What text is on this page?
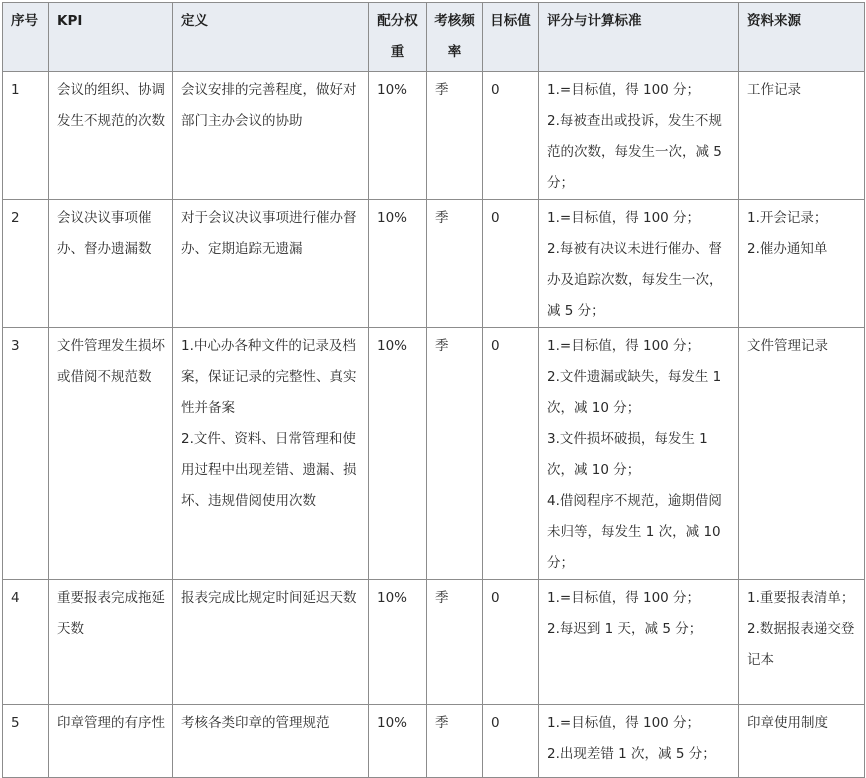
序号	KPI	定义	配分权重	考核频率	目标值	评分与计算标准	资料来源
1	会议的组织、协调发生不规范的次数	会议安排的完善程度，做好对部门主办会议的协助	10%	季	0	1.=目标值，得 100 分；
2.每被查出或投诉，发生不规范的次数，每发生一次，减 5 分；	工作记录

2	会议决议事项催办、督办遗漏数	对于会议决议事项进行催办督办、定期追踪无遗漏	10%	季	0	1.=目标值，得 100 分；
2.每被有决议未进行催办、督办及追踪次数，每发生一次，减 5 分；	1.开会记录；
2.催办通知单

3	文件管理发生损坏或借阅不规范数	1.中心办各种文件的记录及档案，保证记录的完整性、真实性并备案
2.文件、资料、日常管理和使用过程中出现差错、遗漏、损坏、违规借阅使用次数	10%	季	0	1.=目标值，得 100 分；
2.文件遗漏或缺失，每发生 1 次，减 10 分；
3.文件损坏破损，每发生 1 次，减 10 分；
4.借阅程序不规范，逾期借阅未归等，每发生 1 次，减 10 分；	文件管理记录

4	重要报表完成拖延天数	报表完成比规定时间延迟天数	10%	季	0	1.=目标值，得 100 分；
2.每迟到 1 天，减 5 分；	1.重要报表清单；
2.数据报表递交登记本

5	印章管理的有序性	考核各类印章的管理规范	10%	季	0	1.=目标值，得 100 分；
2.出现差错 1 次，减 5 分；	印章使用制度
